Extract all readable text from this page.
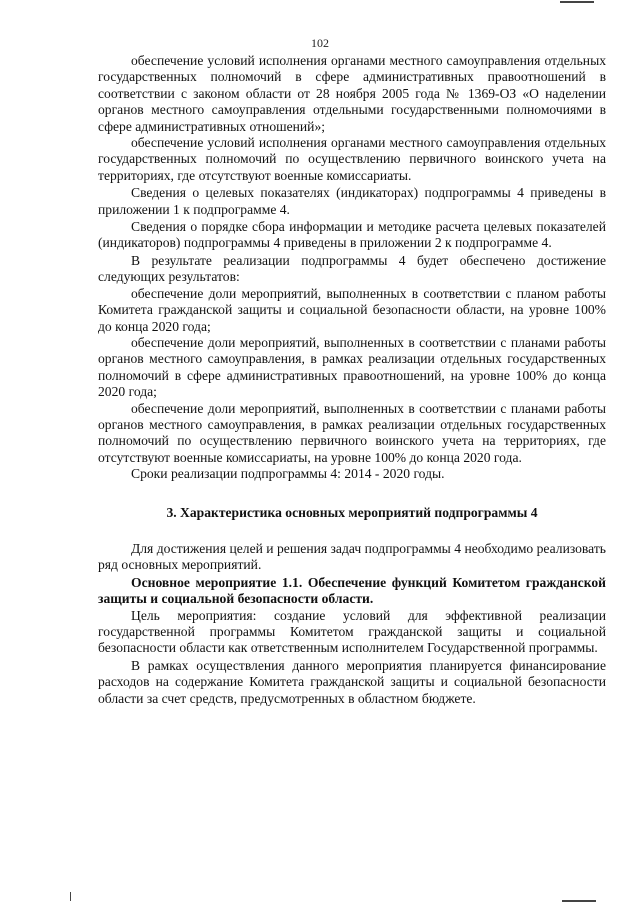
102

обеспечение условий исполнения органами местного самоуправления отдельных государственных полномочий в сфере административных правоотношений в соответствии с законом области от 28 ноября 2005 года № 1369-ОЗ «О наделении органов местного самоуправления отдельными государственными полномочиями в сфере административных отношений»;

обеспечение условий исполнения органами местного самоуправления отдельных государственных полномочий по осуществлению первичного воинского учета на территориях, где отсутствуют военные комиссариаты.

Сведения о целевых показателях (индикаторах) подпрограммы 4 приведены в приложении 1 к подпрограмме 4.

Сведения о порядке сбора информации и методике расчета целевых показателей (индикаторов) подпрограммы 4 приведены в приложении 2 к подпрограмме 4.

В результате реализации подпрограммы 4 будет обеспечено достижение следующих результатов:

обеспечение доли мероприятий, выполненных в соответствии с планом работы Комитета гражданской защиты и социальной безопасности области, на уровне 100% до конца 2020 года;

обеспечение доли мероприятий, выполненных в соответствии с планами работы органов местного самоуправления, в рамках реализации отдельных государственных полномочий в сфере административных правоотношений, на уровне 100% до конца 2020 года;

обеспечение доли мероприятий, выполненных в соответствии с планами работы органов местного самоуправления, в рамках реализации отдельных государственных полномочий по осуществлению первичного воинского учета на территориях, где отсутствуют военные комиссариаты, на уровне 100% до конца 2020 года.

Сроки реализации подпрограммы 4: 2014 - 2020 годы.

3. Характеристика основных мероприятий подпрограммы 4

Для достижения целей и решения задач подпрограммы 4 необходимо реализовать ряд основных мероприятий.

Основное мероприятие 1.1. Обеспечение функций Комитетом гражданской защиты и социальной безопасности области.

Цель мероприятия: создание условий для эффективной реализации государственной программы Комитетом гражданской защиты и социальной безопасности области как ответственным исполнителем Государственной программы.

В рамках осуществления данного мероприятия планируется финансирование расходов на содержание Комитета гражданской защиты и социальной безопасности области за счет средств, предусмотренных в областном бюджете.
